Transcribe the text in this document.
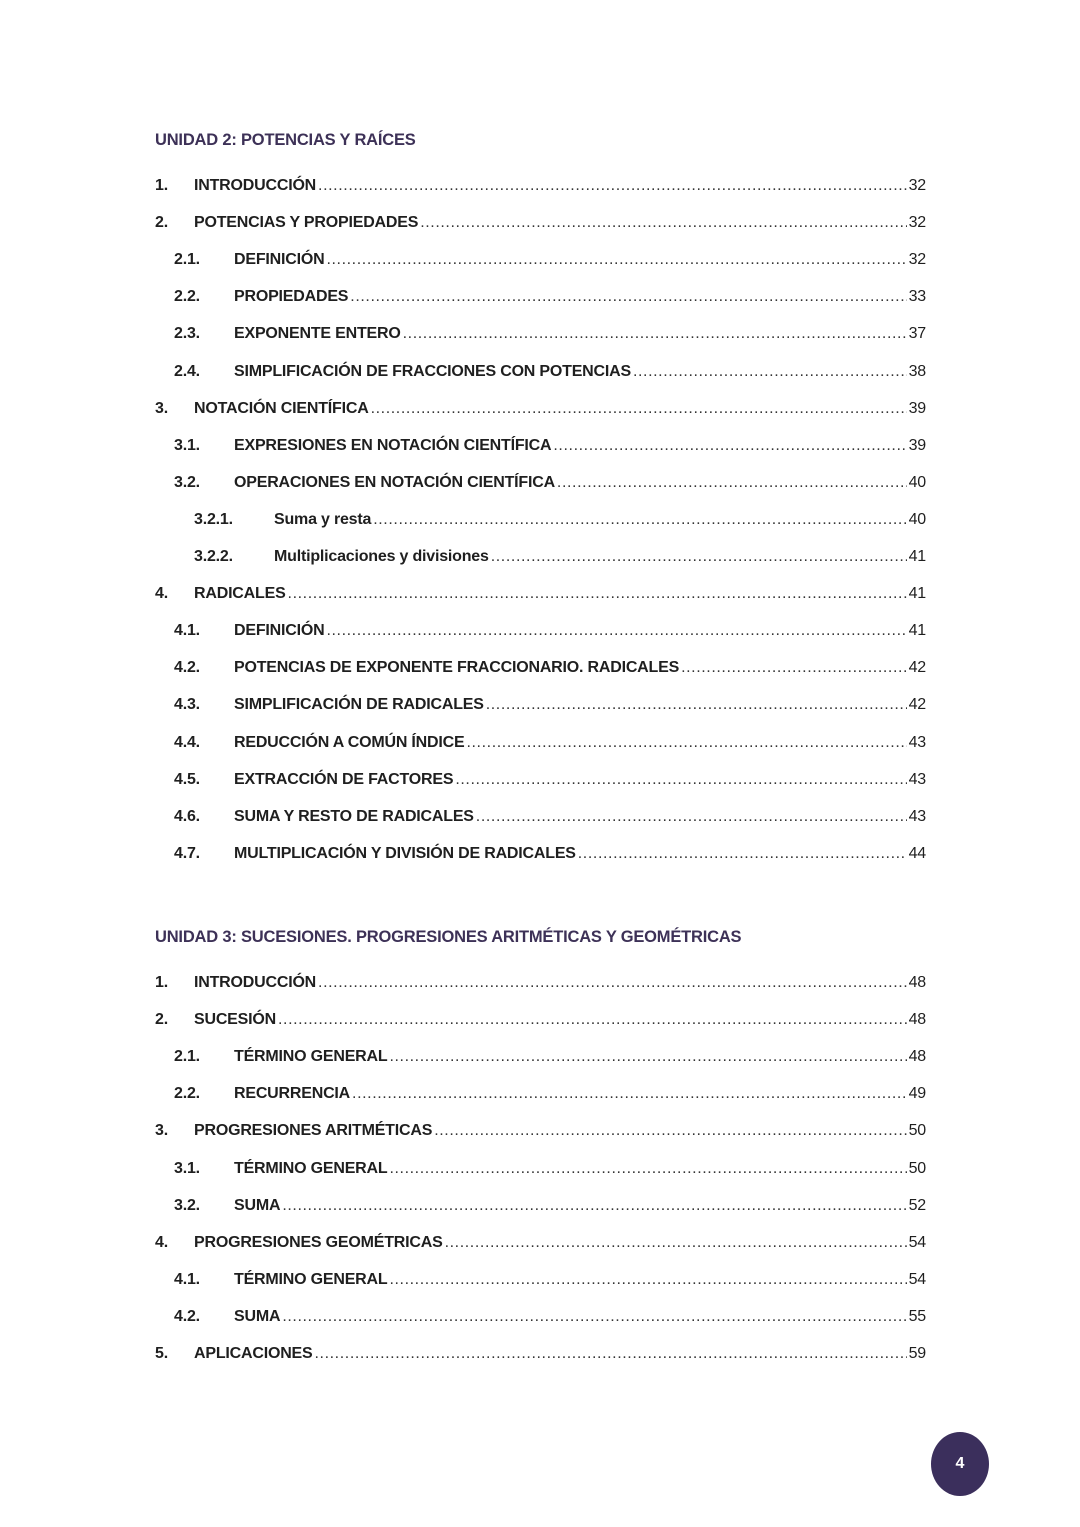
UNIDAD 2: POTENCIAS Y RAÍCES
1. INTRODUCCIÓN .....	32
2. POTENCIAS Y PROPIEDADES .....	32
2.1. DEFINICIÓN .....	32
2.2. PROPIEDADES .....	33
2.3. EXPONENTE ENTERO .....	37
2.4. SIMPLIFICACIÓN DE FRACCIONES CON POTENCIAS .....	38
3. NOTACIÓN CIENTÍFICA .....	39
3.1. EXPRESIONES EN NOTACIÓN CIENTÍFICA .....	39
3.2. OPERACIONES EN NOTACIÓN CIENTÍFICA .....	40
3.2.1.	Suma y resta .....	40
3.2.2.	Multiplicaciones y divisiones .....	41
4. RADICALES .....	41
4.1. DEFINICIÓN .....	41
4.2. POTENCIAS DE EXPONENTE FRACCIONARIO. RADICALES .....	42
4.3. SIMPLIFICACIÓN DE RADICALES .....	42
4.4. REDUCCIÓN A COMÚN ÍNDICE .....	43
4.5. EXTRACCIÓN DE FACTORES .....	43
4.6. SUMA Y RESTO DE RADICALES .....	43
4.7. MULTIPLICACIÓN Y DIVISIÓN DE RADICALES .....	44
UNIDAD 3: SUCESIONES. PROGRESIONES ARITMÉTICAS Y GEOMÉTRICAS
1. INTRODUCCIÓN .....	48
2. SUCESIÓN .....	48
2.1. TÉRMINO GENERAL .....	48
2.2. RECURRENCIA .....	49
3. PROGRESIONES ARITMÉTICAS .....	50
3.1. TÉRMINO GENERAL .....	50
3.2. SUMA .....	52
4. PROGRESIONES GEOMÉTRICAS .....	54
4.1. TÉRMINO GENERAL .....	54
4.2. SUMA .....	55
5. APLICACIONES .....	59
4
